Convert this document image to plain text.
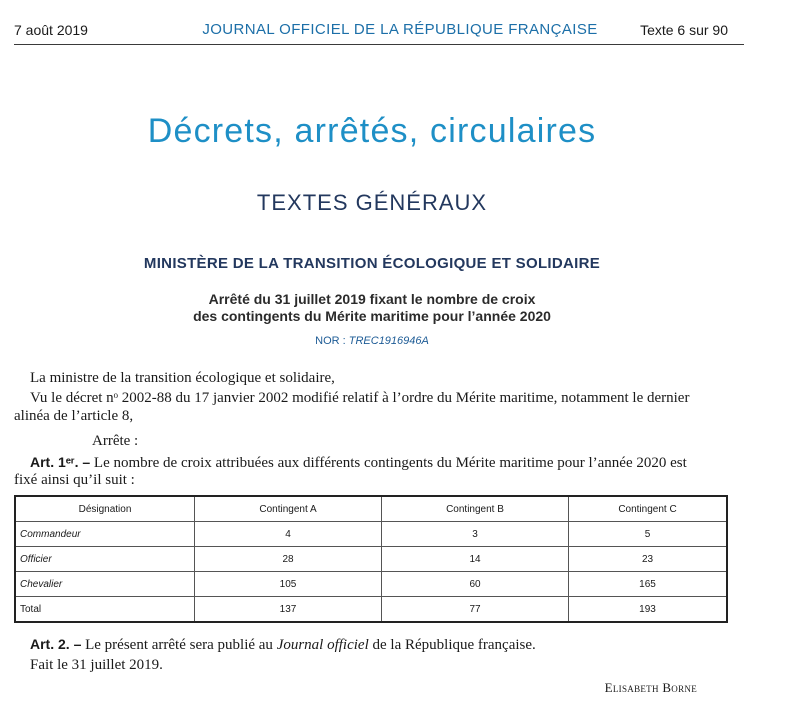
7 août 2019	JOURNAL OFFICIEL DE LA RÉPUBLIQUE FRANÇAISE	Texte 6 sur 90
Décrets, arrêtés, circulaires
TEXTES GÉNÉRAUX
MINISTÈRE DE LA TRANSITION ÉCOLOGIQUE ET SOLIDAIRE
Arrêté du 31 juillet 2019 fixant le nombre de croix
des contingents du Mérite maritime pour l’année 2020
NOR : TREC1916946A
La ministre de la transition écologique et solidaire,
Vu le décret nᵒ 2002-88 du 17 janvier 2002 modifié relatif à l’ordre du Mérite maritime, notamment le dernier
alinéa de l’article 8,
Arrête :
Art. 1ᵉʳ. – Le nombre de croix attribuées aux différents contingents du Mérite maritime pour l’année 2020 est
fixé ainsi qu’il suit :
Désignation	Contingent A	Contingent B	Contingent C
Commandeur	4	3	5
Officier	28	14	23
Chevalier	105	60	165
Total	137	77	193
Art. 2. – Le présent arrêté sera publié au Journal officiel de la République française.
Fait le 31 juillet 2019.
Elisabeth Borne
